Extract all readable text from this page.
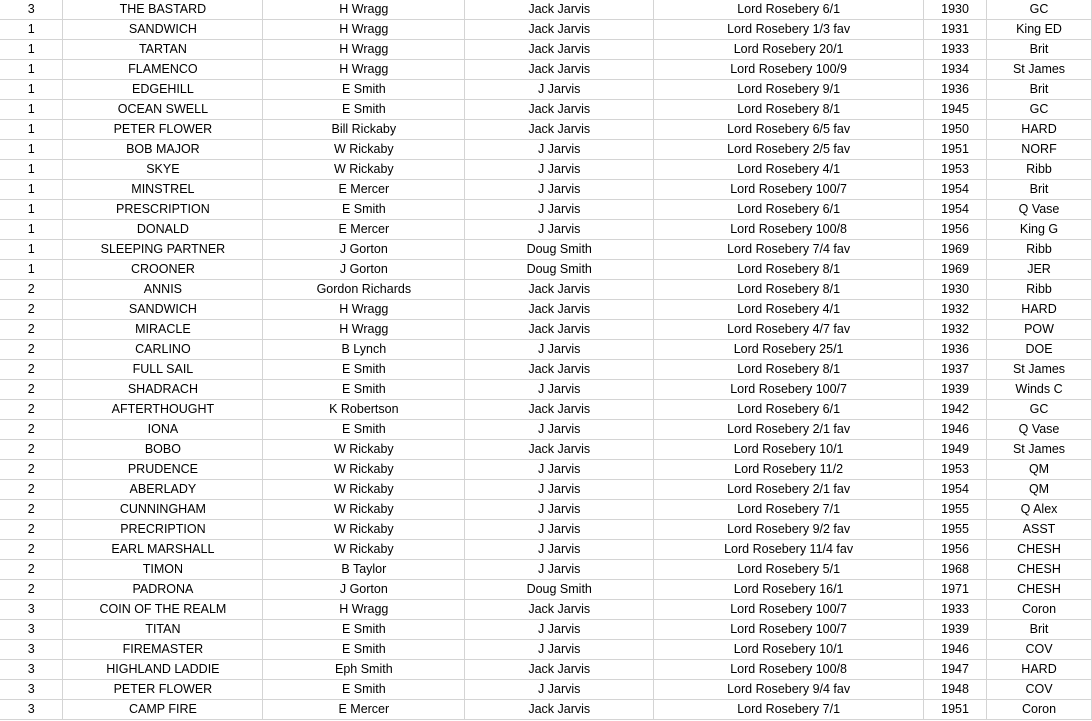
3	THE BASTARD	H Wragg	Jack Jarvis	Lord Rosebery 6/1	1930	GC
1	SANDWICH	H Wragg	Jack Jarvis	Lord Rosebery 1/3 fav	1931	King ED
1	TARTAN	H Wragg	Jack Jarvis	Lord Rosebery 20/1	1933	Brit
1	FLAMENCO	H Wragg	Jack Jarvis	Lord Rosebery 100/9	1934	St James
1	EDGEHILL	E Smith	J Jarvis	Lord Rosebery 9/1	1936	Brit
1	OCEAN SWELL	E Smith	Jack Jarvis	Lord Rosebery 8/1	1945	GC
1	PETER FLOWER	Bill Rickaby	Jack Jarvis	Lord Rosebery 6/5 fav	1950	HARD
1	BOB MAJOR	W Rickaby	J Jarvis	Lord Rosebery 2/5 fav	1951	NORF
1	SKYE	W Rickaby	J Jarvis	Lord Rosebery 4/1	1953	Ribb
1	MINSTREL	E Mercer	J Jarvis	Lord Rosebery 100/7	1954	Brit
1	PRESCRIPTION	E Smith	J Jarvis	Lord Rosebery 6/1	1954	Q Vase
1	DONALD	E Mercer	J Jarvis	Lord Rosebery 100/8	1956	King G
1	SLEEPING PARTNER	J Gorton	Doug Smith	Lord Rosebery 7/4 fav	1969	Ribb
1	CROONER	J Gorton	Doug Smith	Lord Rosebery 8/1	1969	JER
2	ANNIS	Gordon Richards	Jack Jarvis	Lord Rosebery 8/1	1930	Ribb
2	SANDWICH	H Wragg	Jack Jarvis	Lord Rosebery 4/1	1932	HARD
2	MIRACLE	H Wragg	Jack Jarvis	Lord Rosebery 4/7 fav	1932	POW
2	CARLINO	B Lynch	J Jarvis	Lord Rosebery 25/1	1936	DOE
2	FULL SAIL	E Smith	Jack Jarvis	Lord Rosebery 8/1	1937	St James
2	SHADRACH	E Smith	J Jarvis	Lord Rosebery 100/7	1939	Winds C
2	AFTERTHOUGHT	K Robertson	Jack Jarvis	Lord Rosebery 6/1	1942	GC
2	IONA	E Smith	J Jarvis	Lord Rosebery 2/1 fav	1946	Q Vase
2	BOBO	W Rickaby	Jack Jarvis	Lord Rosebery 10/1	1949	St James
2	PRUDENCE	W Rickaby	J Jarvis	Lord Rosebery 11/2	1953	QM
2	ABERLADY	W Rickaby	J Jarvis	Lord Rosebery 2/1 fav	1954	QM
2	CUNNINGHAM	W Rickaby	J Jarvis	Lord Rosebery 7/1	1955	Q Alex
2	PRECRIPTION	W Rickaby	J Jarvis	Lord Rosebery 9/2 fav	1955	ASST
2	EARL MARSHALL	W Rickaby	J Jarvis	Lord Rosebery 11/4 fav	1956	CHESH
2	TIMON	B Taylor	J Jarvis	Lord Rosebery 5/1	1968	CHESH
2	PADRONA	J Gorton	Doug Smith	Lord Rosebery 16/1	1971	CHESH
3	COIN OF THE REALM	H Wragg	Jack Jarvis	Lord Rosebery 100/7	1933	Coron
3	TITAN	E Smith	J Jarvis	Lord Rosebery 100/7	1939	Brit
3	FIREMASTER	E Smith	J Jarvis	Lord Rosebery 10/1	1946	COV
3	HIGHLAND LADDIE	Eph Smith	Jack Jarvis	Lord Rosebery 100/8	1947	HARD
3	PETER FLOWER	E Smith	J Jarvis	Lord Rosebery 9/4 fav	1948	COV
3	CAMP FIRE	E Mercer	Jack Jarvis	Lord Rosebery 7/1	1951	Coron
